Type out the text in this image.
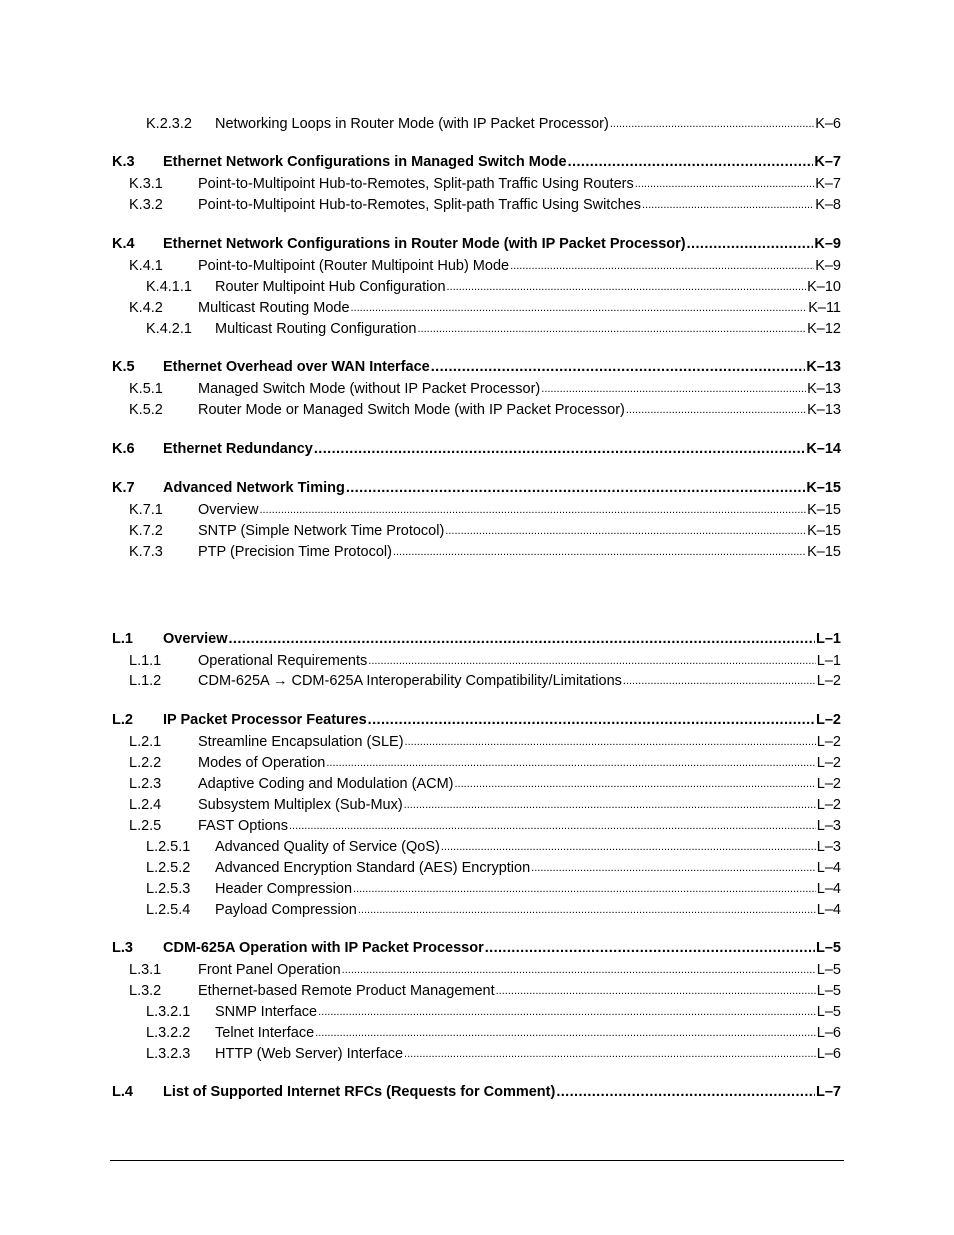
K.2.3.2	Networking Loops in Router Mode (with IP Packet Processor) .....	K–6
K.3	Ethernet Network Configurations in Managed Switch Mode .....	K–7
K.3.1	Point-to-Multipoint Hub-to-Remotes, Split-path Traffic Using Routers .....	K–7
K.3.2	Point-to-Multipoint Hub-to-Remotes, Split-path Traffic Using Switches .....	K–8
K.4	Ethernet Network Configurations in Router Mode (with IP Packet Processor) .....	K–9
K.4.1	Point-to-Multipoint (Router Multipoint Hub) Mode .....	K–9
K.4.1.1	Router Multipoint Hub Configuration .....	K–10
K.4.2	Multicast Routing Mode .....	K–11
K.4.2.1	Multicast Routing Configuration .....	K–12
K.5	Ethernet Overhead over WAN Interface .....	K–13
K.5.1	Managed Switch Mode (without IP Packet Processor) .....	K–13
K.5.2	Router Mode or Managed Switch Mode (with IP Packet Processor) .....	K–13
K.6	Ethernet Redundancy .....	K–14
K.7	Advanced Network Timing .....	K–15
K.7.1	Overview .....	K–15
K.7.2	SNTP (Simple Network Time Protocol) .....	K–15
K.7.3	PTP (Precision Time Protocol) .....	K–15
L.1	Overview .....	L–1
L.1.1	Operational Requirements .....	L–1
L.1.2	CDM-625A → CDM-625A Interoperability Compatibility/Limitations .....	L–2
L.2	IP Packet Processor Features .....	L–2
L.2.1	Streamline Encapsulation (SLE) .....	L–2
L.2.2	Modes of Operation .....	L–2
L.2.3	Adaptive Coding and Modulation (ACM) .....	L–2
L.2.4	Subsystem Multiplex (Sub-Mux) .....	L–2
L.2.5	FAST Options .....	L–3
L.2.5.1	Advanced Quality of Service (QoS) .....	L–3
L.2.5.2	Advanced Encryption Standard (AES) Encryption .....	L–4
L.2.5.3	Header Compression .....	L–4
L.2.5.4	Payload Compression .....	L–4
L.3	CDM-625A Operation with IP Packet Processor .....	L–5
L.3.1	Front Panel Operation .....	L–5
L.3.2	Ethernet-based Remote Product Management .....	L–5
L.3.2.1	SNMP Interface .....	L–5
L.3.2.2	Telnet Interface .....	L–6
L.3.2.3	HTTP (Web Server) Interface .....	L–6
L.4	List of Supported Internet RFCs (Requests for Comment) .....	L–7
